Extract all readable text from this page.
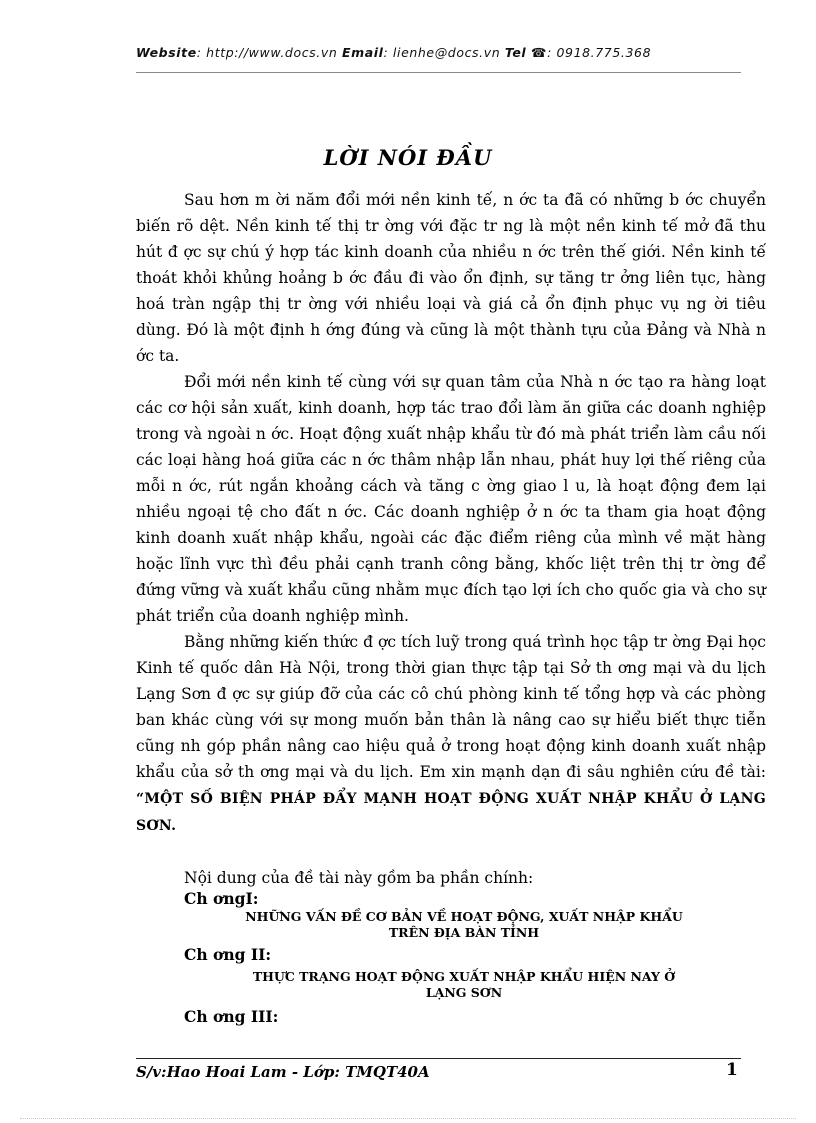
Website: http://www.docs.vn Email: lienhe@docs.vn Tel ☎: 0918.775.368
LỜI NÓI ĐẦU

Sau hơn m ời năm đổi mới nền kinh tế, n ớc ta đã có những b ớc chuyển biến rõ dệt. Nền kinh tế thị tr ờng với đặc tr ng là một nền kinh tế mở đã thu hút đ ợc sự chú ý hợp tác kinh doanh của nhiều n ớc trên thế giới. Nền kinh tế thoát khỏi khủng hoảng b ớc đầu đi vào ổn định, sự tăng tr ởng liên tục, hàng hoá tràn ngập thị tr ờng với nhiều loại và giá cả ổn định phục vụ ng ời tiêu dùng. Đó là một định h ớng đúng và cũng là một thành tựu của Đảng và Nhà n ớc ta.

Đổi mới nền kinh tế cùng với sự quan tâm của Nhà n ớc tạo ra hàng loạt các cơ hội sản xuất, kinh doanh, hợp tác trao đổi làm ăn giữa các doanh nghiệp trong và ngoài n ớc. Hoạt động xuất nhập khẩu từ đó mà phát triển làm cầu nối các loại hàng hoá giữa các n ớc thâm nhập lẫn nhau, phát huy lợi thế riêng của mỗi n ớc, rút ngắn khoảng cách và tăng c ờng giao l u, là hoạt động đem lại nhiều ngoại tệ cho đất n ớc. Các doanh nghiệp ở n ớc ta tham gia hoạt động kinh doanh xuất nhập khẩu, ngoài các đặc điểm riêng của mình về mặt hàng hoặc lĩnh vực thì đều phải cạnh tranh công bằng, khốc liệt trên thị tr ờng để đứng vững và xuất khẩu cũng nhằm mục đích tạo lợi ích cho quốc gia và cho sự phát triển của doanh nghiệp mình.

Bằng những kiến thức đ ợc tích luỹ trong quá trình học tập tr ờng Đại học Kinh tế quốc dân Hà Nội, trong thời gian thực tập tại Sở th ơng mại và du lịch Lạng Sơn đ ợc sự giúp đỡ của các cô chú phòng kinh tế tổng hợp và các phòng ban khác cùng với sự mong muốn bản thân là nâng cao sự hiểu biết thực tiễn cũng nh góp phần nâng cao hiệu quả ở trong hoạt động kinh doanh xuất nhập khẩu của sở th ơng mại và du lịch. Em xin mạnh dạn đi sâu nghiên cứu đề tài: “MỘT SỐ BIỆN PHÁP ĐẨY MẠNH HOẠT ĐỘNG XUẤT NHẬP KHẨU Ở LẠNG SƠN.

Nội dung của đề tài này gồm ba phần chính:
Ch ơngI:
NHỮNG VẤN ĐỀ CƠ BẢN VỀ HOẠT ĐỘNG, XUẤT NHẬP KHẨU
TRÊN ĐỊA BÀN TỈNH
Ch ơng II:
THỰC TRẠNG HOẠT ĐỘNG XUẤT NHẬP KHẨU HIỆN NAY Ở
LẠNG SƠN
Ch ơng III:
S/v:Hao Hoai Lam - Lớp: TMQT40A	1
